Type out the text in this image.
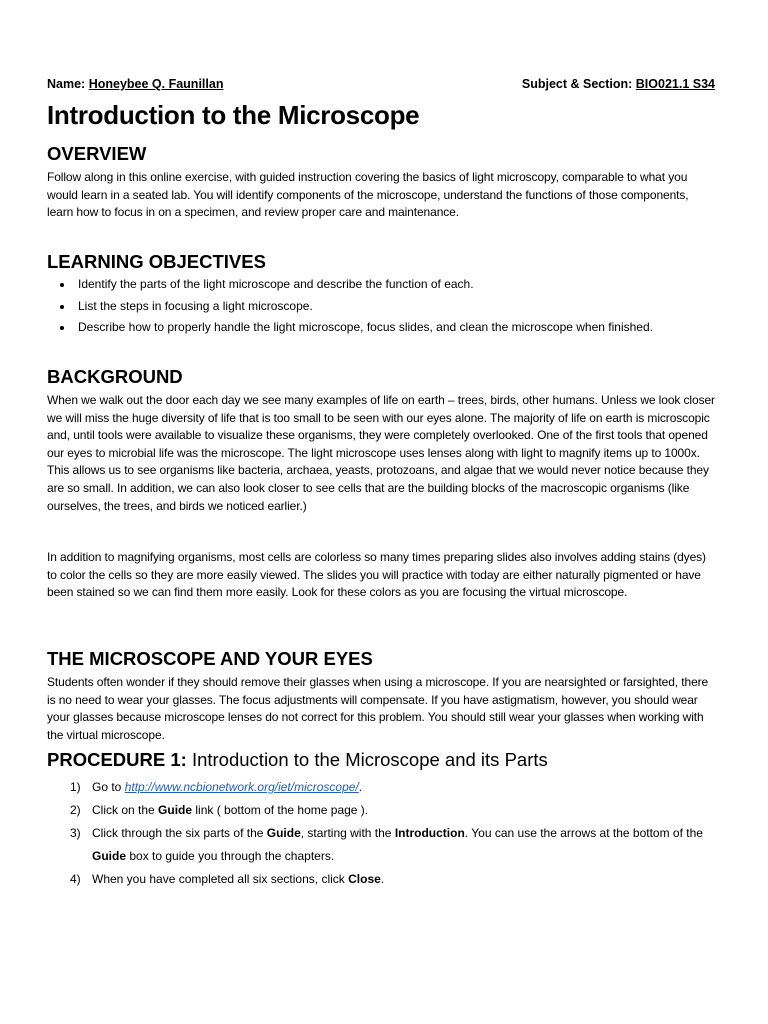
Name: Honeybee Q. Faunillan	Subject & Section: BIO021.1 S34
Introduction to the Microscope
OVERVIEW

Follow along in this online exercise, with guided instruction covering the basics of light microscopy, comparable to what you would learn in a seated lab. You will identify components of the microscope, understand the functions of those components, learn how to focus in on a specimen, and review proper care and maintenance.

LEARNING OBJECTIVES
Identify the parts of the light microscope and describe the function of each.
List the steps in focusing a light microscope.
Describe how to properly handle the light microscope, focus slides, and clean the microscope when finished.
BACKGROUND

When we walk out the door each day we see many examples of life on earth – trees, birds, other humans. Unless we look closer we will miss the huge diversity of life that is too small to be seen with our eyes alone. The majority of life on earth is microscopic and, until tools were available to visualize these organisms, they were completely overlooked. One of the first tools that opened our eyes to microbial life was the microscope. The light microscope uses lenses along with light to magnify items up to 1000x. This allows us to see organisms like bacteria, archaea, yeasts, protozoans, and algae that we would never notice because they are so small. In addition, we can also look closer to see cells that are the building blocks of the macroscopic organisms (like ourselves, the trees, and birds we noticed earlier.)

In addition to magnifying organisms, most cells are colorless so many times preparing slides also involves adding stains (dyes) to color the cells so they are more easily viewed. The slides you will practice with today are either naturally pigmented or have been stained so we can find them more easily. Look for these colors as you are focusing the virtual microscope.

THE MICROSCOPE AND YOUR EYES

Students often wonder if they should remove their glasses when using a microscope. If you are nearsighted or farsighted, there is no need to wear your glasses. The focus adjustments will compensate. If you have astigmatism, however, you should wear your glasses because microscope lenses do not correct for this problem. You should still wear your glasses when working with the virtual microscope.

PROCEDURE 1: Introduction to the Microscope and its Parts
1) Go to http://www.ncbionetwork.org/iet/microscope/.
2) Click on the Guide link ( bottom of the home page ).
3) Click through the six parts of the Guide, starting with the Introduction. You can use the arrows at the bottom of the Guide box to guide you through the chapters.
4) When you have completed all six sections, click Close.
